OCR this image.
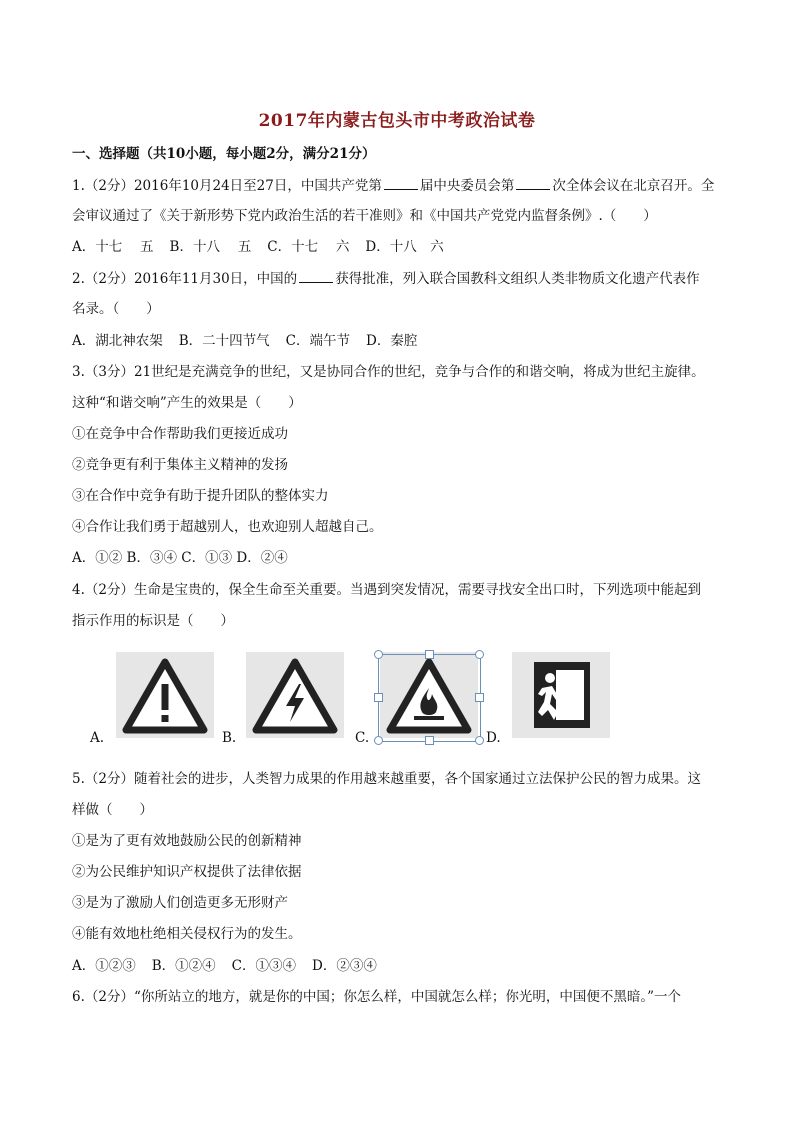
2017年内蒙古包头市中考政治试卷
一、选择题（共10小题，每小题2分，满分21分）
1.（2分）2016年10月24日至27日，中国共产党第	届中央委员会第	次全体会议在北京召开。全
会审议通过了《关于新形势下党内政治生活的若干准则》和《中国共产党党内监督条例》.（　　）
A．十七　 五 B．十八　 五 C．十七　 六 D．十八　六
2.（2分）2016年11月30日，中国的	获得批准，列入联合国教科文组织人类非物质文化遗产代表作
名录。（　　）
A．湖北神农架 B．二十四节气 C．端午节 D．秦腔
3.（3分）21世纪是充满竞争的世纪，又是协同合作的世纪，竞争与合作的和谐交响，将成为世纪主旋律。
这种“和谐交响”产生的效果是（　　）
①在竞争中合作帮助我们更接近成功
②竞争更有利于集体主义精神的发扬
③在合作中竞争有助于提升团队的整体实力
④合作让我们勇于超越别人，也欢迎别人超越自己。
A．①② B．③④ C．①③ D．②④
4.（2分）生命是宝贵的，保全生命至关重要。当遇到突发情况，需要寻找安全出口时，下列选项中能起到
指示作用的标识是（　　）
A.	B.	C.	D.
5.（2分）随着社会的进步，人类智力成果的作用越来越重要，各个国家通过立法保护公民的智力成果。这
样做（　　）
①是为了更有效地鼓励公民的创新精神
②为公民维护知识产权提供了法律依据
③是为了激励人们创造更多无形财产
④能有效地杜绝相关侵权行为的发生。
A．①②③ B．①②④ C．①③④ D．②③④
6.（2分）“你所站立的地方，就是你的中国；你怎么样，中国就怎么样；你光明，中国便不黑暗。”一个
